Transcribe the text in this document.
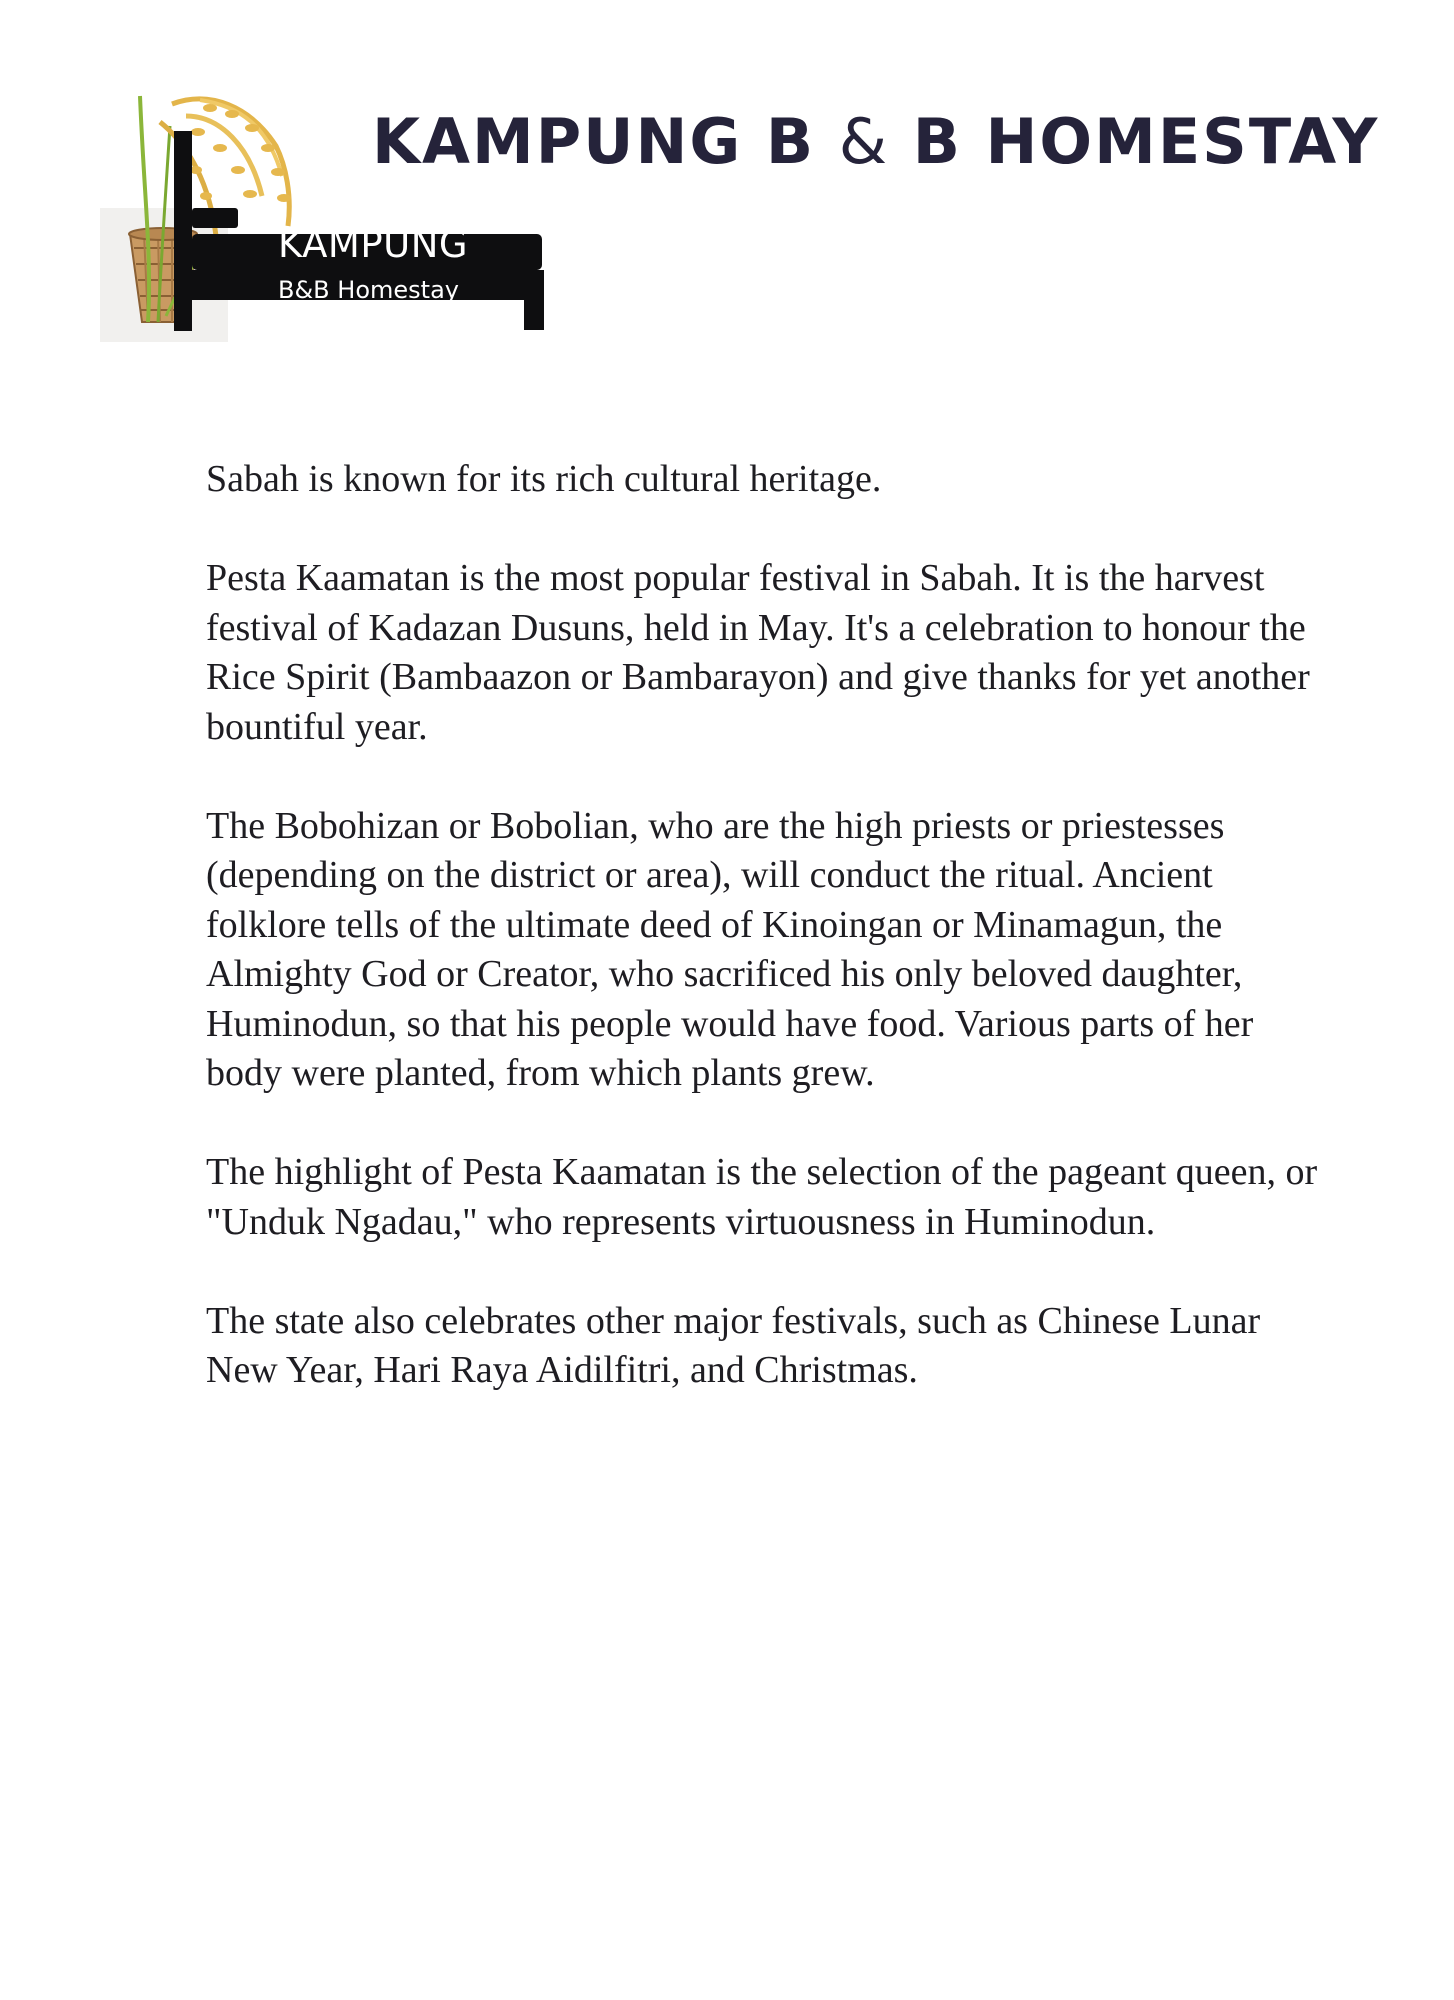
KAMPUNG
B&B Homestay
KAMPUNG B & B HOMESTAY

Sabah is known for its rich cultural heritage.

Pesta Kaamatan is the most popular festival in Sabah. It is the harvest festival of Kadazan Dusuns, held in May. It's a celebration to honour the Rice Spirit (Bambaazon or Bambarayon) and give thanks for yet another bountiful year.

The Bobohizan or Bobolian, who are the high priests or priestesses (depending on the district or area), will conduct the ritual. Ancient folklore tells of the ultimate deed of Kinoingan or Minamagun, the Almighty God or Creator, who sacrificed his only beloved daughter, Huminodun, so that his people would have food. Various parts of her body were planted, from which plants grew.

The highlight of Pesta Kaamatan is the selection of the pageant queen, or "Unduk Ngadau," who represents virtuousness in Huminodun.

The state also celebrates other major festivals, such as Chinese Lunar New Year, Hari Raya Aidilfitri, and Christmas.
